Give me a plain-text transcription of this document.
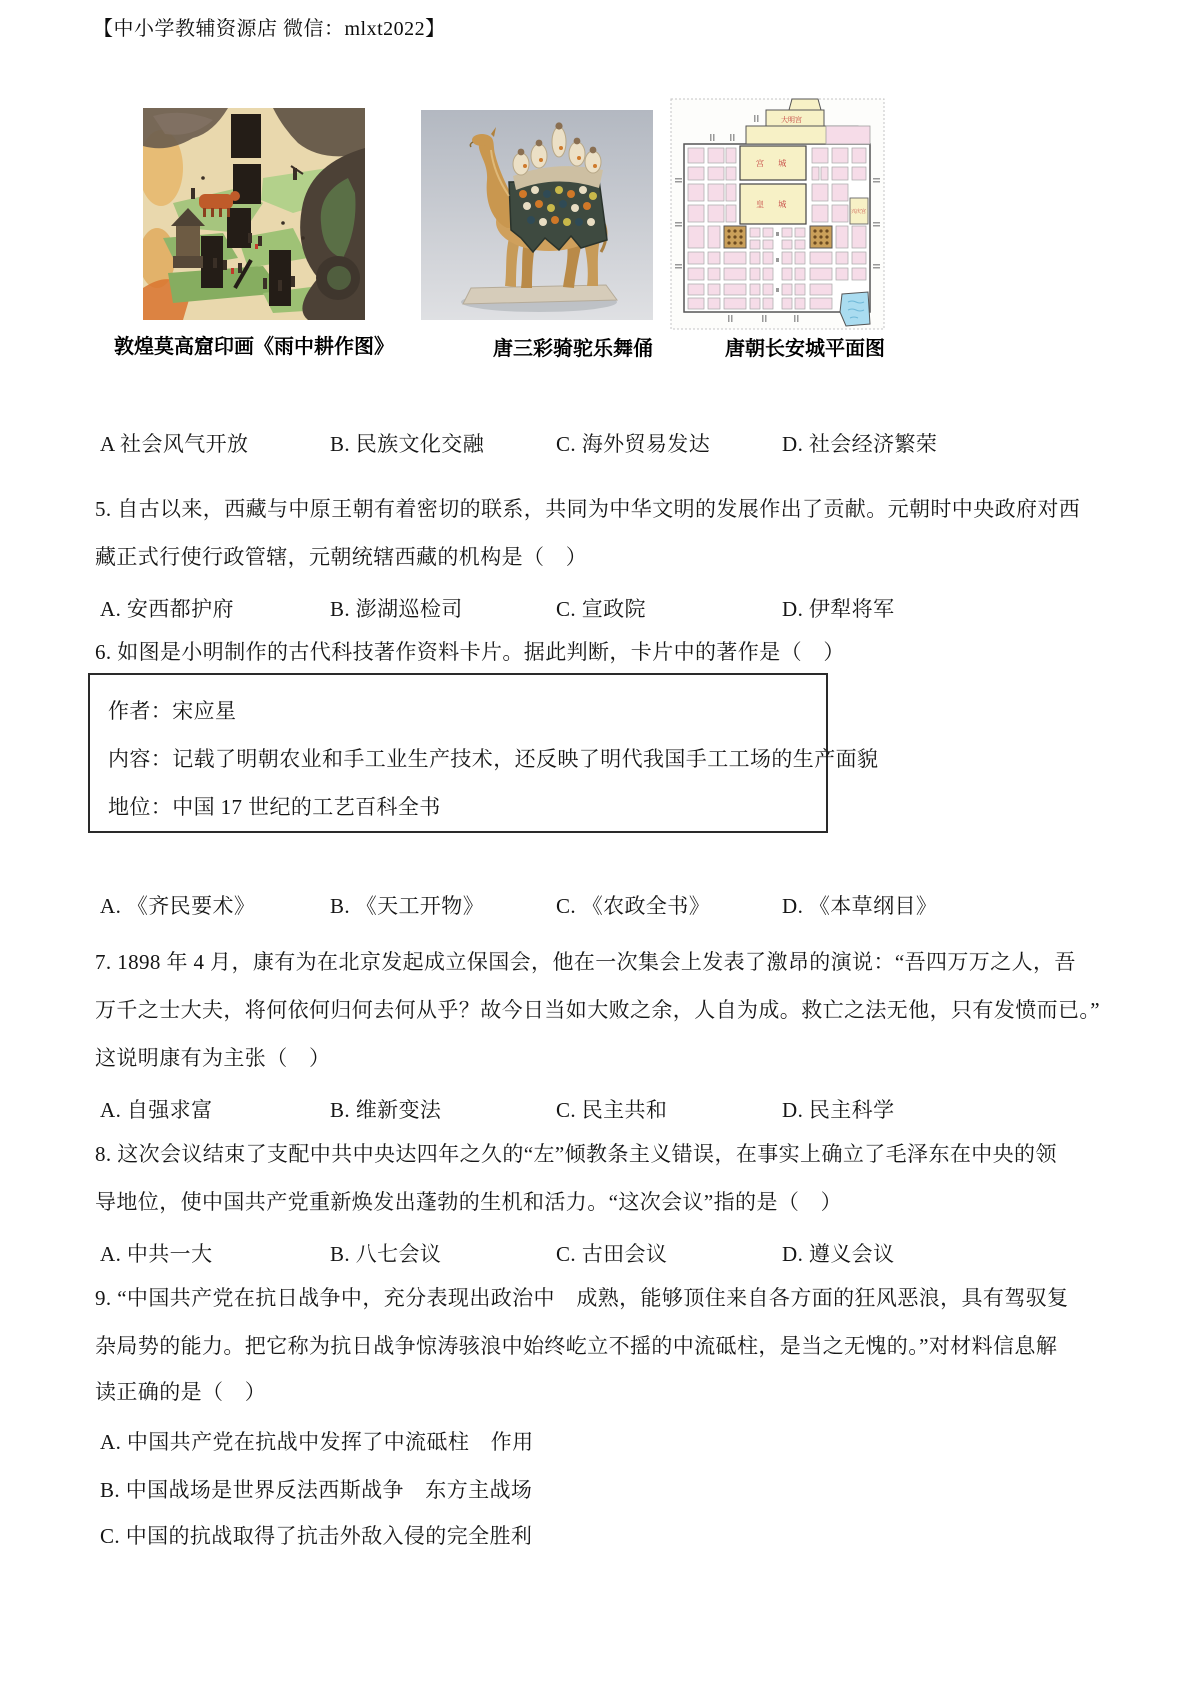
【中小学教辅资源店 微信：mlxt2022】
敦煌莫高窟印画《雨中耕作图》	唐三彩骑驼乐舞俑
大明宫
宫 城
皇 城
兴庆宫
唐朝长安城平面图
A 社会风气开放	B. 民族文化交融	C. 海外贸易发达	D. 社会经济繁荣
5. 自古以来，西藏与中原王朝有着密切的联系，共同为中华文明的发展作出了贡献。元朝时中央政府对西
藏正式行使行政管辖，元朝统辖西藏的机构是（　）
A. 安西都护府	B. 澎湖巡检司	C. 宣政院	D. 伊犁将军
6. 如图是小明制作的古代科技著作资料卡片。据此判断，卡片中的著作是（　）
作者：宋应星
内容：记载了明朝农业和手工业生产技术，还反映了明代我国手工工场的生产面貌
地位：中国 17 世纪的工艺百科全书
A. 《齐民要术》	B. 《天工开物》	C. 《农政全书》	D. 《本草纲目》
7. 1898 年 4 月，康有为在北京发起成立保国会，他在一次集会上发表了激昂的演说：“吾四万万之人，吾
万千之士大夫，将何依何归何去何从乎？故今日当如大败之余，人自为成。救亡之法无他，只有发愤而已。”
这说明康有为主张（　）
A. 自强求富	B. 维新变法	C. 民主共和	D. 民主科学
8. 这次会议结束了支配中共中央达四年之久的“左”倾教条主义错误，在事实上确立了毛泽东在中央的领
导地位，使中国共产党重新焕发出蓬勃的生机和活力。“这次会议”指的是（　）
A. 中共一大	B. 八七会议	C. 古田会议	D. 遵义会议
9. “中国共产党在抗日战争中，充分表现出政治中　成熟，能够顶住来自各方面的狂风恶浪，具有驾驭复
杂局势的能力。把它称为抗日战争惊涛骇浪中始终屹立不摇的中流砥柱，是当之无愧的。”对材料信息解
读正确的是（　）
A. 中国共产党在抗战中发挥了中流砥柱　作用
B. 中国战场是世界反法西斯战争　东方主战场
C. 中国的抗战取得了抗击外敌入侵的完全胜利
